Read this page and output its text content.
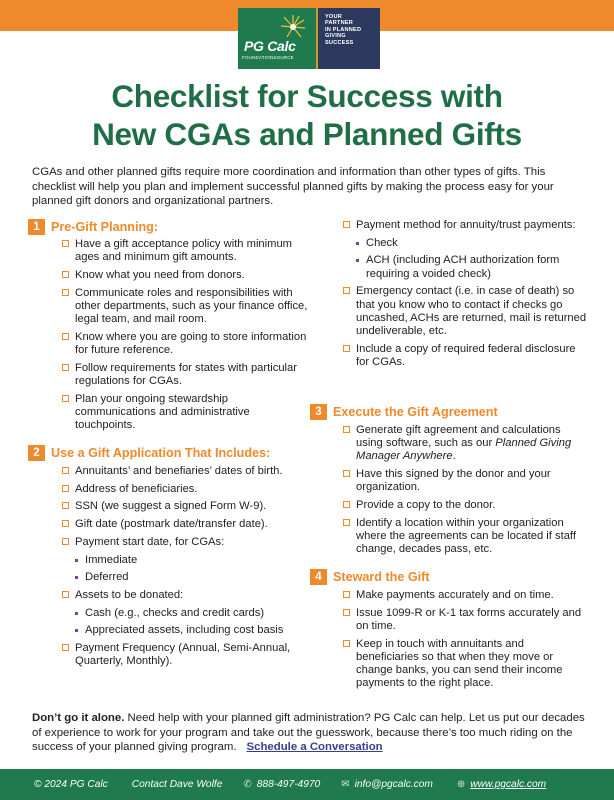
PG Calc
FOUNDATIONSOURCE
YOUR
PARTNER
IN PLANNED
GIVING
SUCCESS
Checklist for Success with
New CGAs and Planned Gifts

CGAs and other planned gifts require more coordination and information than other types of gifts. This checklist will help you plan and implement successful planned gifts by making the process easy for your planned gift donors and organizational partners.

1 Pre-Gift Planning:
Have a gift acceptance policy with minimum ages and minimum gift amounts.
Know what you need from donors.
Communicate roles and responsibilities with other departments, such as your finance office, legal team, and mail room.
Know where you are going to store information for future reference.
Follow requirements for states with particular regulations for CGAs.
Plan your ongoing stewardship communications and administrative touchpoints.
2 Use a Gift Application That Includes:
Annuitants’ and benefiaries’ dates of birth.
Address of beneficiaries.
SSN (we suggest a signed Form W-9).
Gift date (postmark date/transfer date).
Payment start date, for CGAs:
Immediate
Deferred
Assets to be donated:
Cash (e.g., checks and credit cards)
Appreciated assets, including cost basis
Payment Frequency (Annual, Semi-Annual, Quarterly, Monthly).
Payment method for annuity/trust payments:
Check
ACH (including ACH authorization form requiring a voided check)
Emergency contact (i.e. in case of death) so that you know who to contact if checks go uncashed, ACHs are returned, mail is returned undeliverable, etc.
Include a copy of required federal disclosure for CGAs.
3 Execute the Gift Agreement
Generate gift agreement and calculations using software, such as our Planned Giving Manager Anywhere.
Have this signed by the donor and your organization.
Provide a copy to the donor.
Identify a location within your organization where the agreements can be located if staff change, decades pass, etc.
4 Steward the Gift
Make payments accurately and on time.
Issue 1099-R or K-1 tax forms accurately and on time.
Keep in touch with annuitants and beneficiaries so that when they move or change banks, you can send their income payments to the right place.

Don’t go it alone. Need help with your planned gift administration? PG Calc can help. Let us put our decades of experience to work for your program and take out the guesswork, because there’s too much riding on the success of your planned giving program. Schedule a Conversation

© 2024 PG Calc Contact Dave Wolfe ✆ 888-497-4970 ✉ info@pgcalc.com ⊕ www.pgcalc.com
